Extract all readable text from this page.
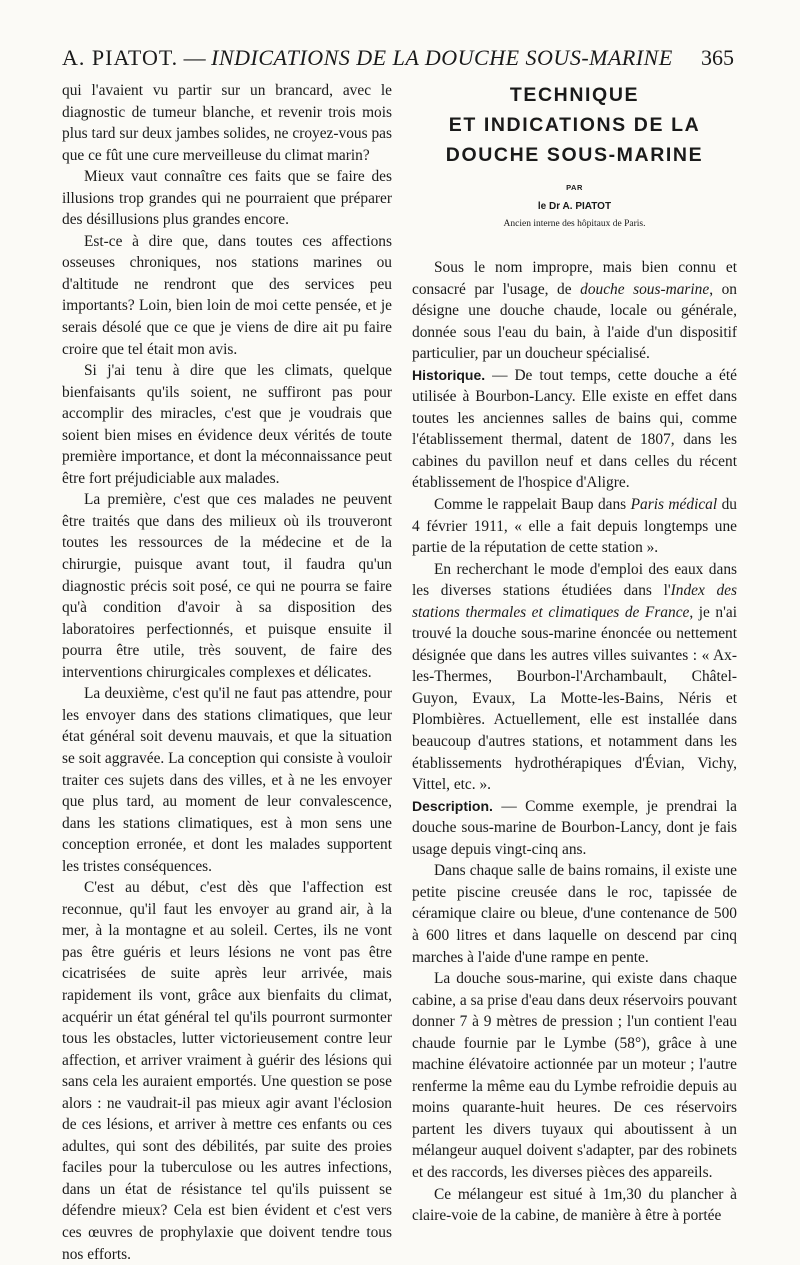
A. PIATOT. — INDICATIONS DE LA DOUCHE SOUS-MARINE 365

qui l'avaient vu partir sur un brancard, avec le diagnostic de tumeur blanche, et revenir trois mois plus tard sur deux jambes solides, ne croyez-vous pas que ce fût une cure merveilleuse du climat marin?

Mieux vaut connaître ces faits que se faire des illusions trop grandes qui ne pourraient que préparer des désillusions plus grandes encore.

Est-ce à dire que, dans toutes ces affections osseuses chroniques, nos stations marines ou d'altitude ne rendront que des services peu importants? Loin, bien loin de moi cette pensée, et je serais désolé que ce que je viens de dire ait pu faire croire que tel était mon avis.

Si j'ai tenu à dire que les climats, quelque bienfaisants qu'ils soient, ne suffiront pas pour accomplir des miracles, c'est que je voudrais que soient bien mises en évidence deux vérités de toute première importance, et dont la méconnaissance peut être fort préjudiciable aux malades.

La première, c'est que ces malades ne peuvent être traités que dans des milieux où ils trouveront toutes les ressources de la médecine et de la chirurgie, puisque avant tout, il faudra qu'un diagnostic précis soit posé, ce qui ne pourra se faire qu'à condition d'avoir à sa disposition des laboratoires perfectionnés, et puisque ensuite il pourra être utile, très souvent, de faire des interventions chirurgicales complexes et délicates.

La deuxième, c'est qu'il ne faut pas attendre, pour les envoyer dans des stations climatiques, que leur état général soit devenu mauvais, et que la situation se soit aggravée. La conception qui consiste à vouloir traiter ces sujets dans des villes, et à ne les envoyer que plus tard, au moment de leur convalescence, dans les stations climatiques, est à mon sens une conception erronée, et dont les malades supportent les tristes conséquences.

C'est au début, c'est dès que l'affection est reconnue, qu'il faut les envoyer au grand air, à la mer, à la montagne et au soleil. Certes, ils ne vont pas être guéris et leurs lésions ne vont pas être cicatrisées de suite après leur arrivée, mais rapidement ils vont, grâce aux bienfaits du climat, acquérir un état général tel qu'ils pourront surmonter tous les obstacles, lutter victorieusement contre leur affection, et arriver vraiment à guérir des lésions qui sans cela les auraient emportés. Une question se pose alors : ne vaudrait-il pas mieux agir avant l'éclosion de ces lésions, et arriver à mettre ces enfants ou ces adultes, qui sont des débilités, par suite des proies faciles pour la tuberculose ou les autres infections, dans un état de résistance tel qu'ils puissent se défendre mieux? Cela est bien évident et c'est vers ces œuvres de prophylaxie que doivent tendre tous nos efforts.

TECHNIQUE
ET INDICATIONS DE LA
DOUCHE SOUS-MARINE
PAR
le Dr A. PIATOT
Ancien interne des hôpitaux de Paris.

Sous le nom impropre, mais bien connu et consacré par l'usage, de douche sous-marine, on désigne une douche chaude, locale ou générale, donnée sous l'eau du bain, à l'aide d'un dispositif particulier, par un doucheur spécialisé.

Historique. — De tout temps, cette douche a été utilisée à Bourbon-Lancy. Elle existe en effet dans toutes les anciennes salles de bains qui, comme l'établissement thermal, datent de 1807, dans les cabines du pavillon neuf et dans celles du récent établissement de l'hospice d'Aligre.

Comme le rappelait Baup dans Paris médical du 4 février 1911, « elle a fait depuis longtemps une partie de la réputation de cette station ».

En recherchant le mode d'emploi des eaux dans les diverses stations étudiées dans l'Index des stations thermales et climatiques de France, je n'ai trouvé la douche sous-marine énoncée ou nettement désignée que dans les autres villes suivantes : « Ax-les-Thermes, Bourbon-l'Archambault, Châtel-Guyon, Evaux, La Motte-les-Bains, Néris et Plombières. Actuellement, elle est installée dans beaucoup d'autres stations, et notamment dans les établissements hydrothérapiques d'Évian, Vichy, Vittel, etc. ».

Description. — Comme exemple, je prendrai la douche sous-marine de Bourbon-Lancy, dont je fais usage depuis vingt-cinq ans.

Dans chaque salle de bains romains, il existe une petite piscine creusée dans le roc, tapissée de céramique claire ou bleue, d'une contenance de 500 à 600 litres et dans laquelle on descend par cinq marches à l'aide d'une rampe en pente.

La douche sous-marine, qui existe dans chaque cabine, a sa prise d'eau dans deux réservoirs pouvant donner 7 à 9 mètres de pression ; l'un contient l'eau chaude fournie par le Lymbe (58°), grâce à une machine élévatoire actionnée par un moteur ; l'autre renferme la même eau du Lymbe refroidie depuis au moins quarante-huit heures. De ces réservoirs partent les divers tuyaux qui aboutissent à un mélangeur auquel doivent s'adapter, par des robinets et des raccords, les diverses pièces des appareils.

Ce mélangeur est situé à 1m,30 du plancher à claire-voie de la cabine, de manière à être à portée
